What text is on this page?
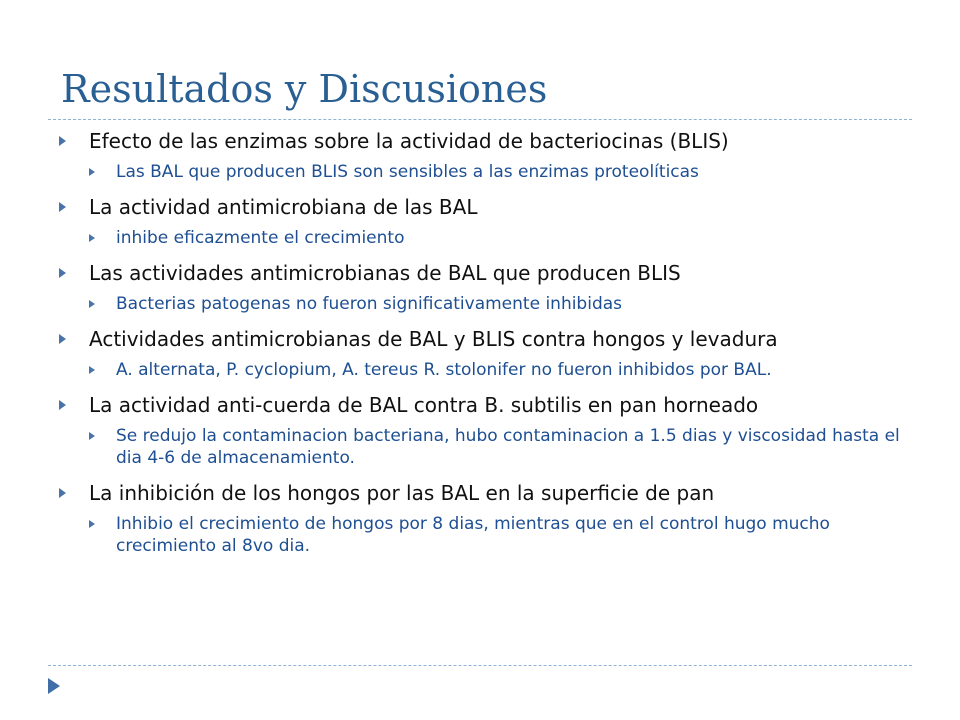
Resultados y Discusiones
Efecto de las enzimas sobre la actividad de bacteriocinas (BLIS)
Las BAL que producen BLIS son sensibles a las enzimas proteolíticas
La actividad antimicrobiana de las BAL
inhibe eficazmente el crecimiento
Las actividades antimicrobianas de BAL que producen BLIS
Bacterias patogenas no fueron significativamente inhibidas
Actividades antimicrobianas de BAL y BLIS contra hongos y levadura
A. alternata, P. cyclopium, A. tereus R. stolonifer no fueron inhibidos por BAL.
La actividad anti-cuerda de BAL contra B. subtilis en pan horneado
Se redujo la contaminacion bacteriana, hubo contaminacion a 1.5 dias y viscosidad hasta el dia 4-6 de almacenamiento.
La inhibición de los hongos por las BAL en la superficie de pan
Inhibio el crecimiento de hongos por 8 dias, mientras que en el control hugo mucho crecimiento al 8vo dia.
